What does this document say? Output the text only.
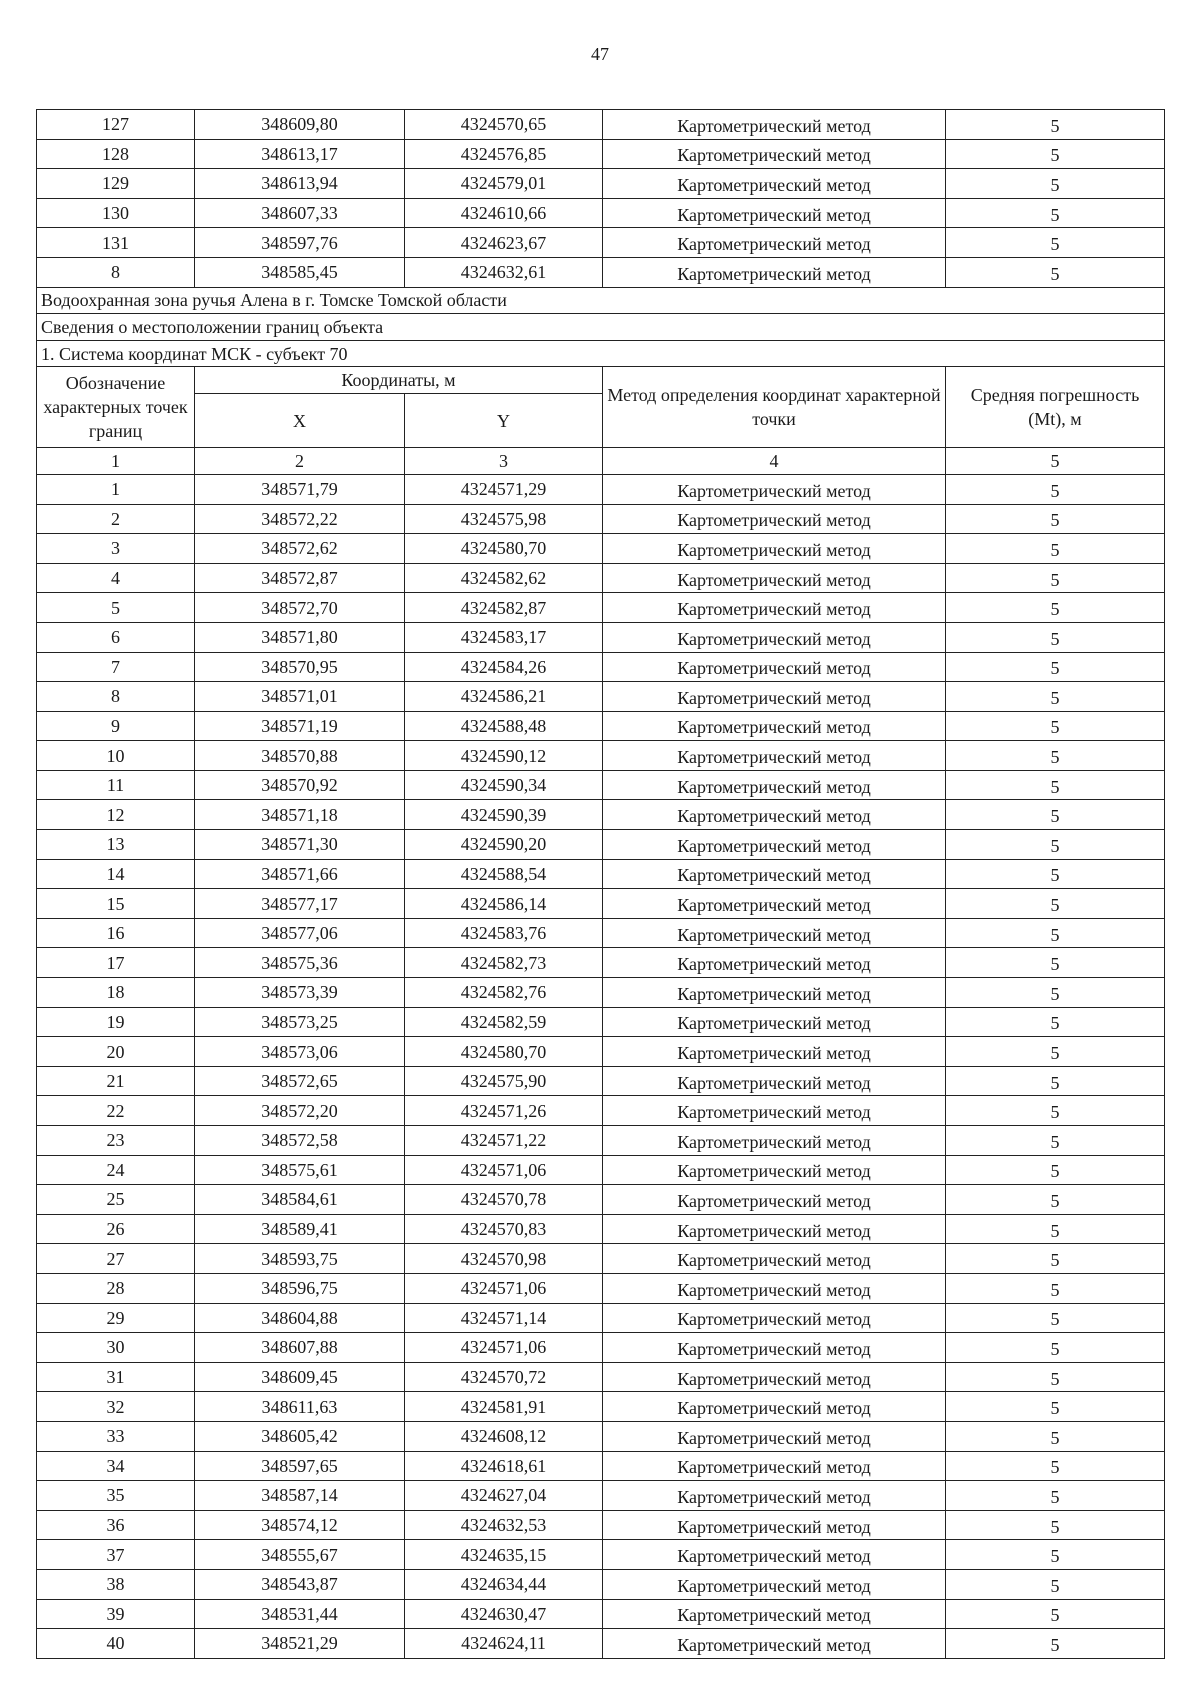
47
127	348609,80	4324570,65	Картометрический метод	5
128	348613,17	4324576,85	Картометрический метод	5
129	348613,94	4324579,01	Картометрический метод	5
130	348607,33	4324610,66	Картометрический метод	5
131	348597,76	4324623,67	Картометрический метод	5
8	348585,45	4324632,61	Картометрический метод	5
Водоохранная зона ручья Алена в г. Томске Томской области				
Сведения о местоположении границ объекта				
1. Система координат МСК - субъект 70				
Обозначение характерных точек границ	Координаты, м		Метод определения координат характерной точки	Средняя погрешность (Mt), м
	X	Y		
1	2	3	4	5
1	348571,79	4324571,29	Картометрический метод	5
2	348572,22	4324575,98	Картометрический метод	5
3	348572,62	4324580,70	Картометрический метод	5
4	348572,87	4324582,62	Картометрический метод	5
5	348572,70	4324582,87	Картометрический метод	5
6	348571,80	4324583,17	Картометрический метод	5
7	348570,95	4324584,26	Картометрический метод	5
8	348571,01	4324586,21	Картометрический метод	5
9	348571,19	4324588,48	Картометрический метод	5
10	348570,88	4324590,12	Картометрический метод	5
11	348570,92	4324590,34	Картометрический метод	5
12	348571,18	4324590,39	Картометрический метод	5
13	348571,30	4324590,20	Картометрический метод	5
14	348571,66	4324588,54	Картометрический метод	5
15	348577,17	4324586,14	Картометрический метод	5
16	348577,06	4324583,76	Картометрический метод	5
17	348575,36	4324582,73	Картометрический метод	5
18	348573,39	4324582,76	Картометрический метод	5
19	348573,25	4324582,59	Картометрический метод	5
20	348573,06	4324580,70	Картометрический метод	5
21	348572,65	4324575,90	Картометрический метод	5
22	348572,20	4324571,26	Картометрический метод	5
23	348572,58	4324571,22	Картометрический метод	5
24	348575,61	4324571,06	Картометрический метод	5
25	348584,61	4324570,78	Картометрический метод	5
26	348589,41	4324570,83	Картометрический метод	5
27	348593,75	4324570,98	Картометрический метод	5
28	348596,75	4324571,06	Картометрический метод	5
29	348604,88	4324571,14	Картометрический метод	5
30	348607,88	4324571,06	Картометрический метод	5
31	348609,45	4324570,72	Картометрический метод	5
32	348611,63	4324581,91	Картометрический метод	5
33	348605,42	4324608,12	Картометрический метод	5
34	348597,65	4324618,61	Картометрический метод	5
35	348587,14	4324627,04	Картометрический метод	5
36	348574,12	4324632,53	Картометрический метод	5
37	348555,67	4324635,15	Картометрический метод	5
38	348543,87	4324634,44	Картометрический метод	5
39	348531,44	4324630,47	Картометрический метод	5
40	348521,29	4324624,11	Картометрический метод	5
